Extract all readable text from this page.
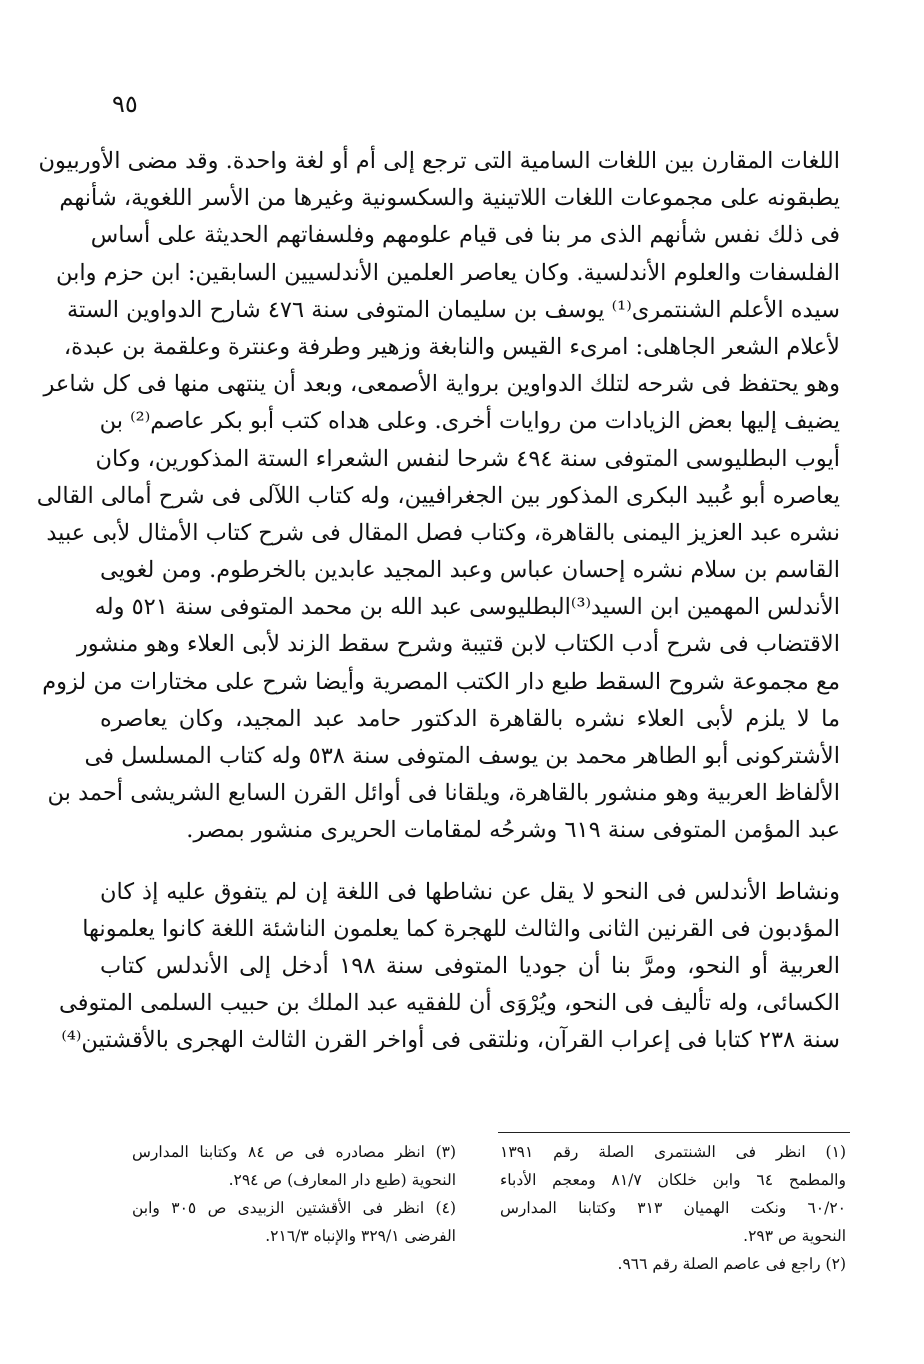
٩٥
اللغات المقارن بين اللغات السامية التى ترجع إلى أم أو لغة واحدة. وقد مضى الأوربيون
يطبقونه على مجموعات اللغات اللاتينية والسكسونية وغيرها من الأسر اللغوية، شأنهم
فى ذلك نفس شأنهم الذى مر بنا فى قيام علومهم وفلسفاتهم الحديثة على أساس
الفلسفات والعلوم الأندلسية. وكان يعاصر العلمين الأندلسيين السابقين: ابن حزم وابن
سيده الأعلم الشنتمرى⁽¹⁾ يوسف بن سليمان المتوفى سنة ٤٧٦ شارح الدواوين الستة
لأعلام الشعر الجاهلى: امرىء القيس والنابغة وزهير وطرفة وعنترة وعلقمة بن عبدة،
وهو يحتفظ فى شرحه لتلك الدواوين برواية الأصمعى، وبعد أن ينتهى منها فى كل شاعر
يضيف إليها بعض الزيادات من روايات أخرى. وعلى هداه كتب أبو بكر عاصم⁽²⁾ بن
أيوب البطليوسى المتوفى سنة ٤٩٤ شرحا لنفس الشعراء الستة المذكورين، وكان
يعاصره أبو عُبيد البكرى المذكور بين الجغرافيين، وله كتاب اللآلى فى شرح أمالى القالى
نشره عبد العزيز اليمنى بالقاهرة، وكتاب فصل المقال فى شرح كتاب الأمثال لأبى عبيد
القاسم بن سلام نشره إحسان عباس وعبد المجيد عابدين بالخرطوم. ومن لغويى
الأندلس المهمين ابن السيد⁽³⁾البطليوسى عبد الله بن محمد المتوفى سنة ٥٢١ وله
الاقتضاب فى شرح أدب الكتاب لابن قتيبة وشرح سقط الزند لأبى العلاء وهو منشور
مع مجموعة شروح السقط طبع دار الكتب المصرية وأيضا شرح على مختارات من لزوم
ما لا يلزم لأبى العلاء نشره بالقاهرة الدكتور حامد عبد المجيد، وكان يعاصره
الأشتركونى أبو الطاهر محمد بن يوسف المتوفى سنة ٥٣٨ وله كتاب المسلسل فى
الألفاظ العربية وهو منشور بالقاهرة، ويلقانا فى أوائل القرن السابع الشريشى أحمد بن
عبد المؤمن المتوفى سنة ٦١٩ وشرحُه لمقامات الحريرى منشور بمصر.
ونشاط الأندلس فى النحو لا يقل عن نشاطها فى اللغة إن لم يتفوق عليه إذ كان
المؤدبون فى القرنين الثانى والثالث للهجرة كما يعلمون الناشئة اللغة كانوا يعلمونها
العربية أو النحو، ومرَّ بنا أن جوديا المتوفى سنة ١٩٨ أدخل إلى الأندلس كتاب
الكسائى، وله تأليف فى النحو، ويُرْوَى أن للفقيه عبد الملك بن حبيب السلمى المتوفى
سنة ٢٣٨ كتابا فى إعراب القرآن، ونلتقى فى أواخر القرن الثالث الهجرى بالأقشتين⁽⁴⁾
(١) انظر فى الشنتمرى الصلة رقم ١٣٩١
والمطمح ٦٤ وابن خلكان ٨١/٧ ومعجم الأدباء
٦٠/٢٠ ونكت الهميان ٣١٣ وكتابنا المدارس
النحوية ص ٢٩٣.
(٢) راجع فى عاصم الصلة رقم ٩٦٦.
(٣) انظر مصادره فى ص ٨٤ وكتابنا المدارس
النحوية (طبع دار المعارف) ص ٢٩٤.
(٤) انظر فى الأقشتين الزبيدى ص ٣٠٥ وابن
الفرضى ٣٢٩/١ والإنباه ٢١٦/٣.
